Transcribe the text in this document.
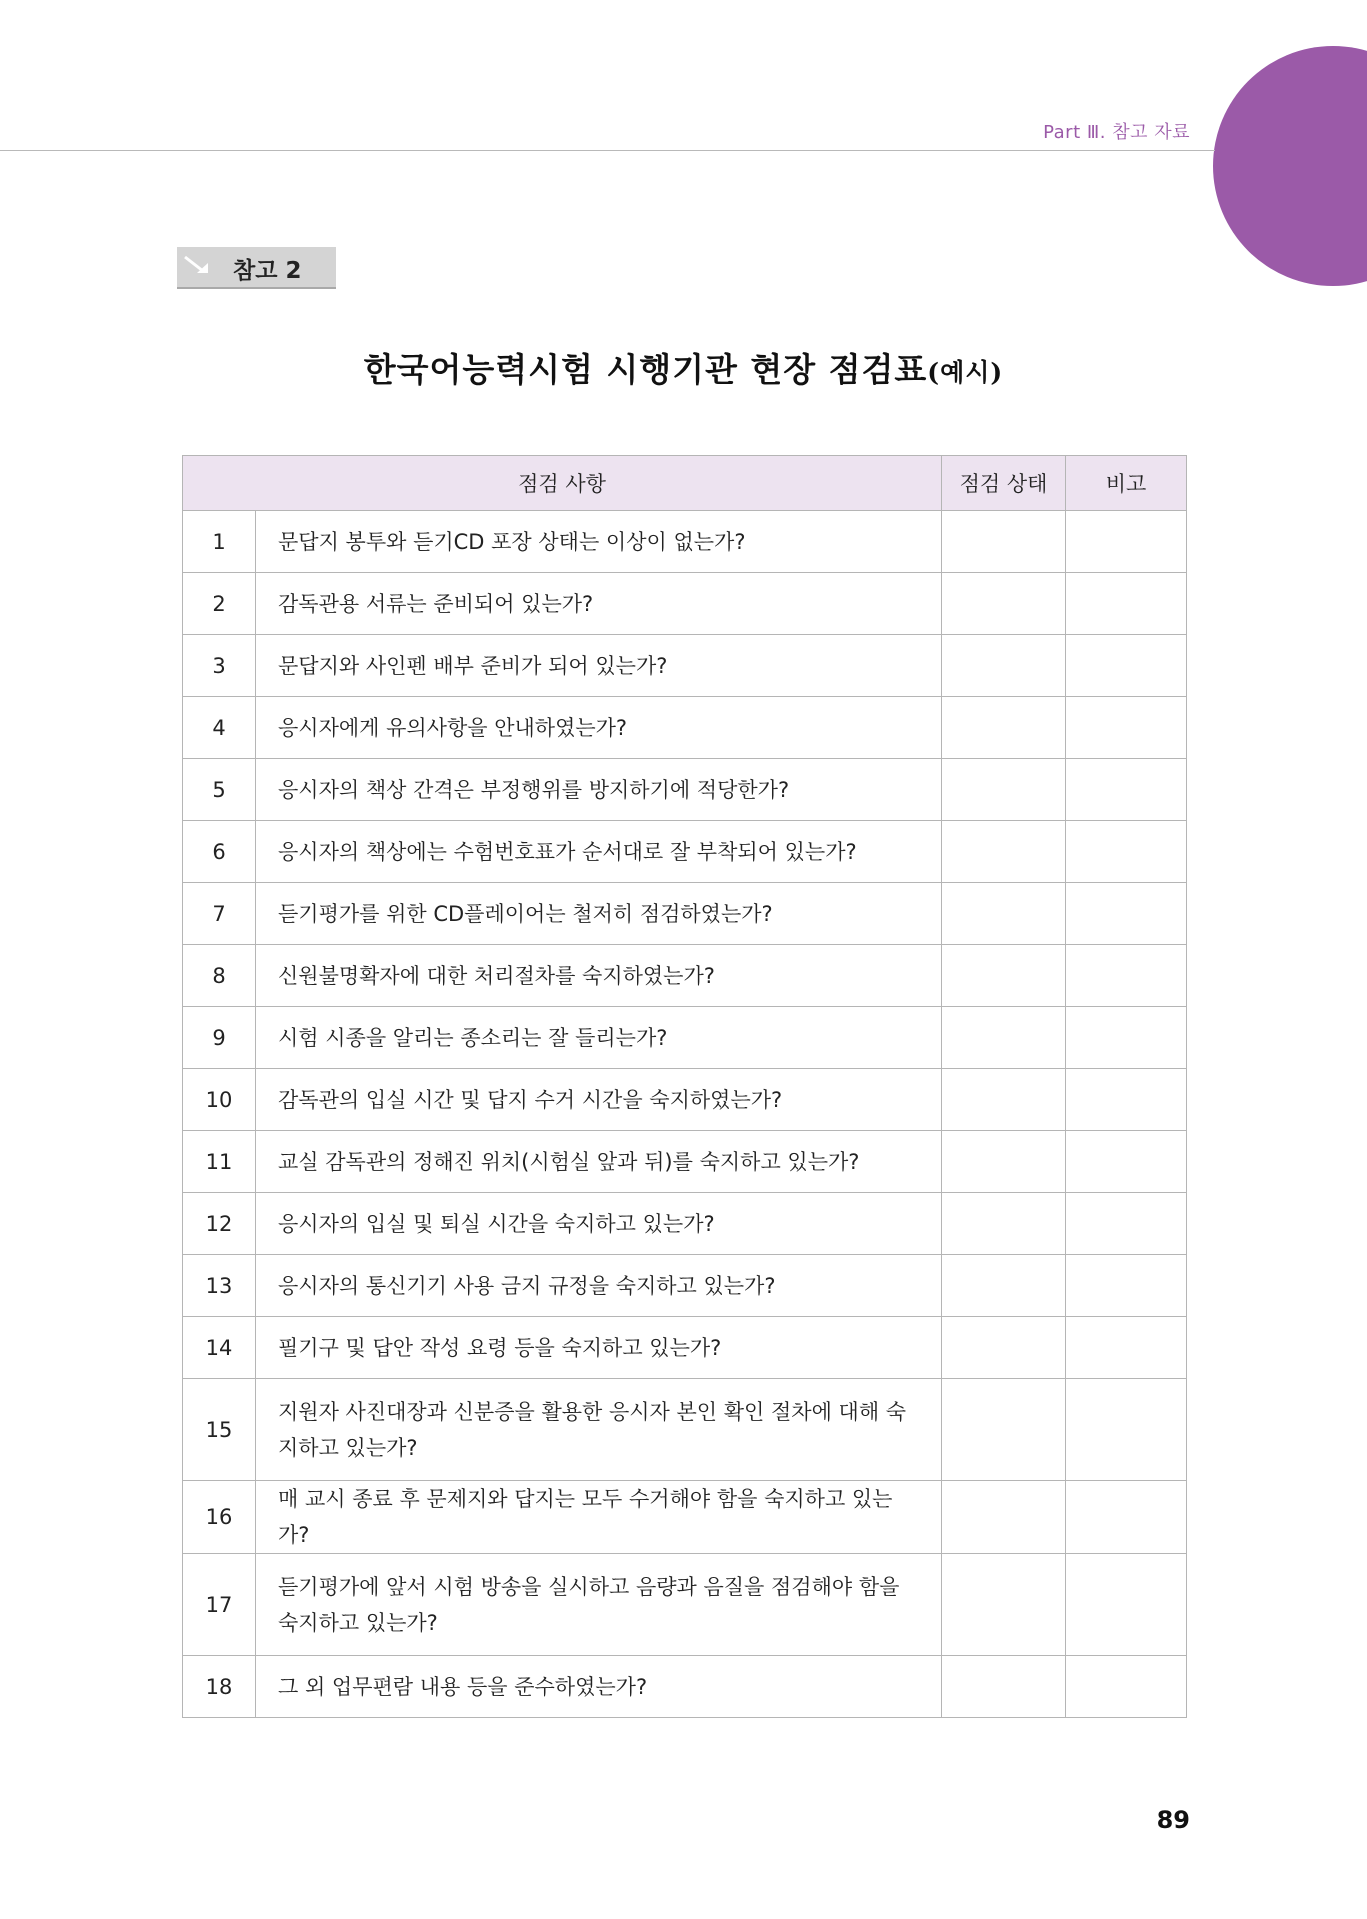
Part Ⅲ. 참고 자료
참고 2
한국어능력시험 시행기관 현장 점검표(예시)
점검 사항		점검 상태	비고
1	문답지 봉투와 듣기CD 포장 상태는 이상이 없는가?		
2	감독관용 서류는 준비되어 있는가?		
3	문답지와 사인펜 배부 준비가 되어 있는가?		
4	응시자에게 유의사항을 안내하였는가?		
5	응시자의 책상 간격은 부정행위를 방지하기에 적당한가?		
6	응시자의 책상에는 수험번호표가 순서대로 잘 부착되어 있는가?		
7	듣기평가를 위한 CD플레이어는 철저히 점검하였는가?		
8	신원불명확자에 대한 처리절차를 숙지하였는가?		
9	시험 시종을 알리는 종소리는 잘 들리는가?		
10	감독관의 입실 시간 및 답지 수거 시간을 숙지하였는가?		
11	교실 감독관의 정해진 위치(시험실 앞과 뒤)를 숙지하고 있는가?		
12	응시자의 입실 및 퇴실 시간을 숙지하고 있는가?		
13	응시자의 통신기기 사용 금지 규정을 숙지하고 있는가?		
14	필기구 및 답안 작성 요령 등을 숙지하고 있는가?		
15	지원자 사진대장과 신분증을 활용한 응시자 본인 확인 절차에 대해 숙지하고 있는가?		
16	매 교시 종료 후 문제지와 답지는 모두 수거해야 함을 숙지하고 있는가?		
17	듣기평가에 앞서 시험 방송을 실시하고 음량과 음질을 점검해야 함을 숙지하고 있는가?		
18	그 외 업무편람 내용 등을 준수하였는가?		
89
